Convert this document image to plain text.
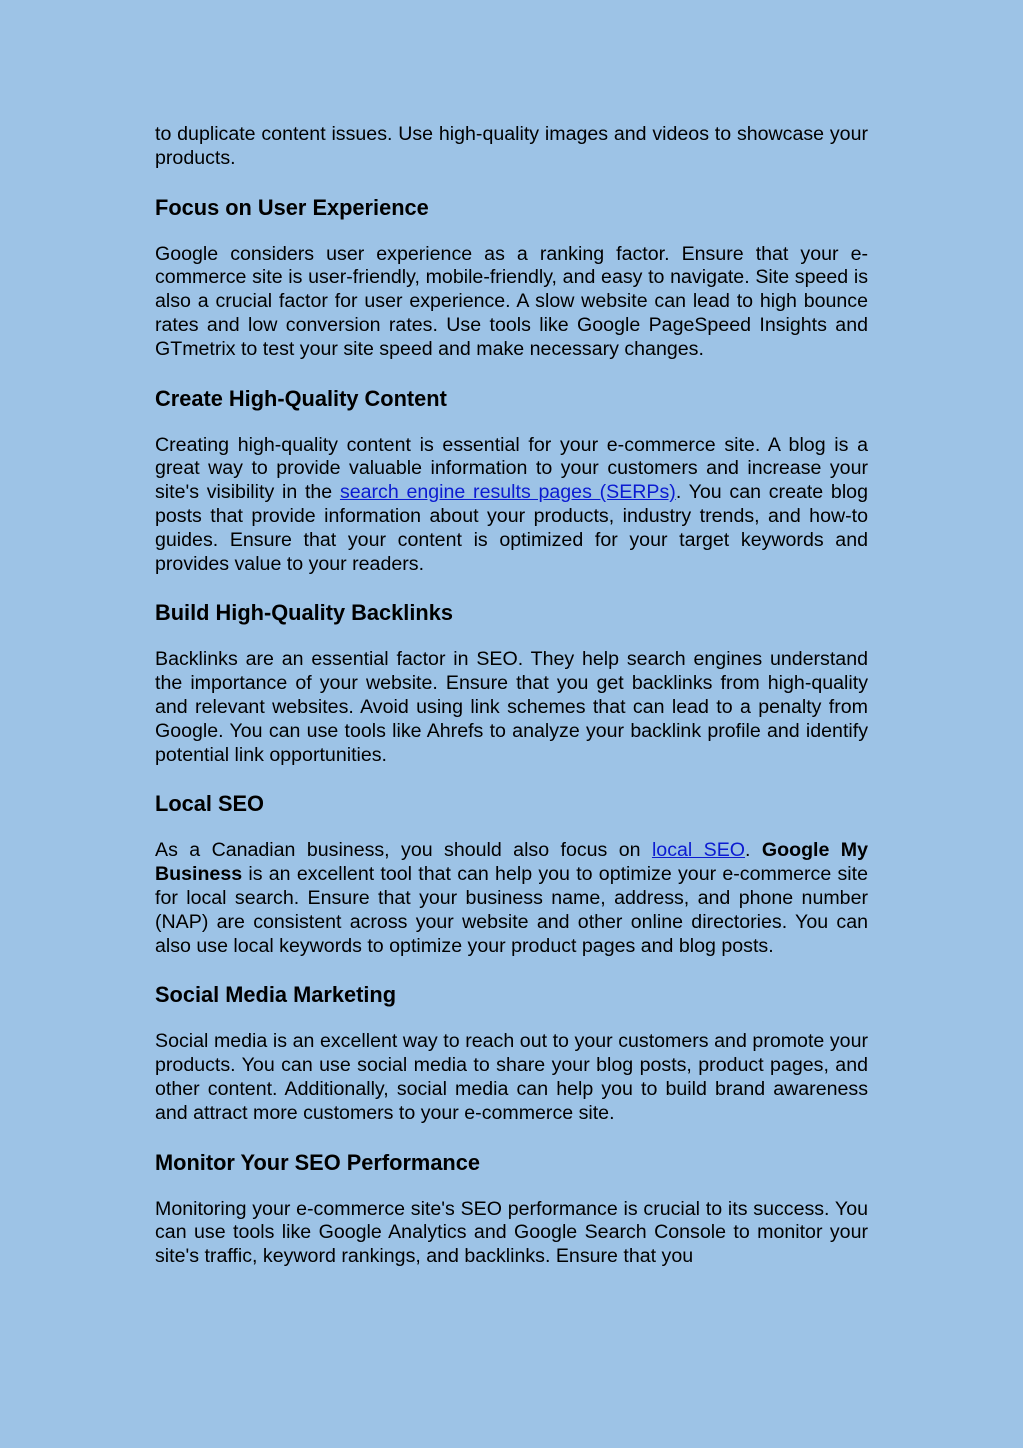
to duplicate content issues. Use high-quality images and videos to showcase your products.

Focus on User Experience

Google considers user experience as a ranking factor. Ensure that your e-commerce site is user-friendly, mobile-friendly, and easy to navigate. Site speed is also a crucial factor for user experience. A slow website can lead to high bounce rates and low conversion rates. Use tools like Google PageSpeed Insights and GTmetrix to test your site speed and make necessary changes.

Create High-Quality Content

Creating high-quality content is essential for your e-commerce site. A blog is a great way to provide valuable information to your customers and increase your site's visibility in the search engine results pages (SERPs). You can create blog posts that provide information about your products, industry trends, and how-to guides. Ensure that your content is optimized for your target keywords and provides value to your readers.

Build High-Quality Backlinks

Backlinks are an essential factor in SEO. They help search engines understand the importance of your website. Ensure that you get backlinks from high-quality and relevant websites. Avoid using link schemes that can lead to a penalty from Google. You can use tools like Ahrefs to analyze your backlink profile and identify potential link opportunities.

Local SEO

As a Canadian business, you should also focus on local SEO. Google My Business is an excellent tool that can help you to optimize your e-commerce site for local search. Ensure that your business name, address, and phone number (NAP) are consistent across your website and other online directories. You can also use local keywords to optimize your product pages and blog posts.

Social Media Marketing

Social media is an excellent way to reach out to your customers and promote your products. You can use social media to share your blog posts, product pages, and other content. Additionally, social media can help you to build brand awareness and attract more customers to your e-commerce site.

Monitor Your SEO Performance

Monitoring your e-commerce site's SEO performance is crucial to its success. You can use tools like Google Analytics and Google Search Console to monitor your site's traffic, keyword rankings, and backlinks. Ensure that you
